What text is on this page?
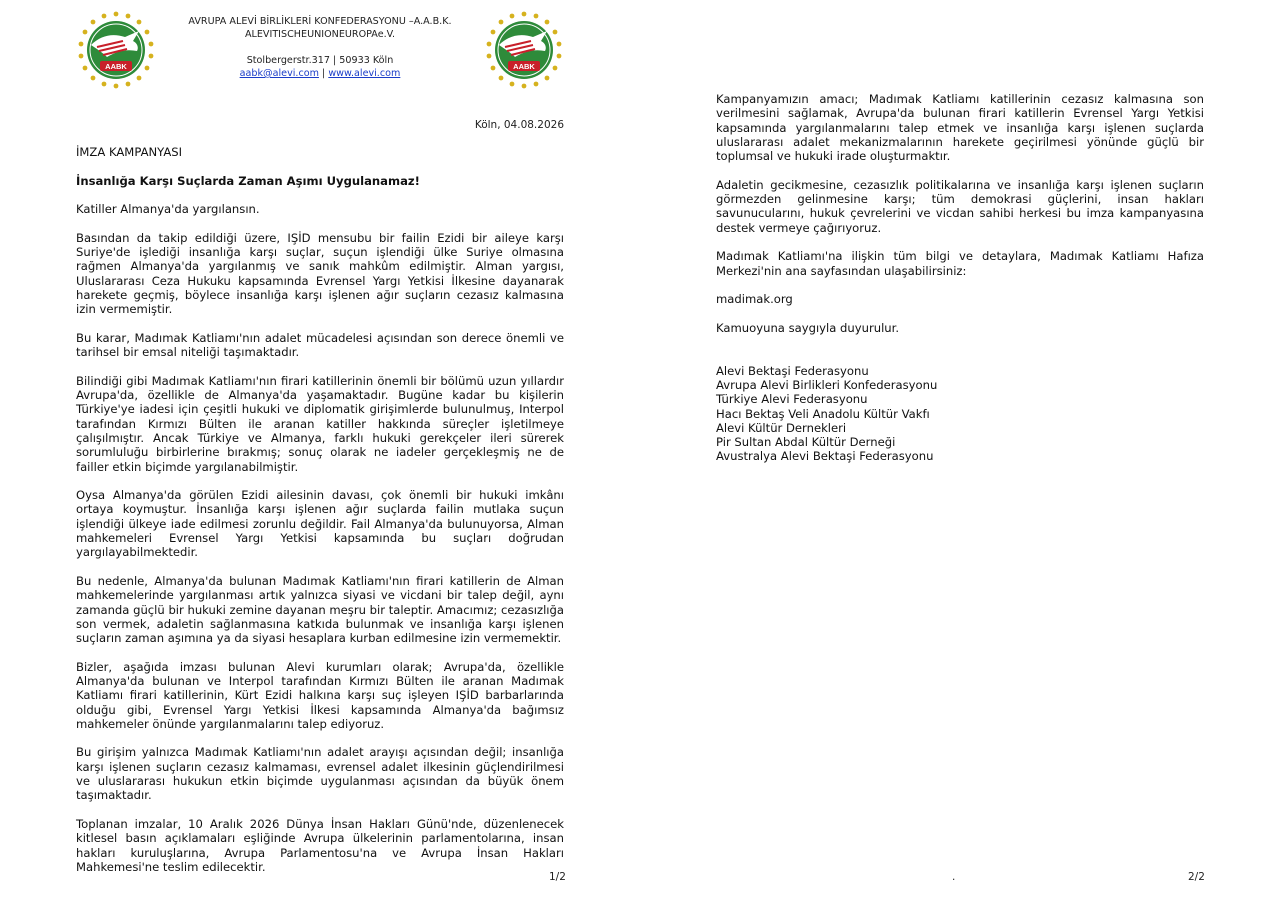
AABK
AVRUPA ALEVİ BİRLİKLERİ KONFEDERASYONU –A.A.B.K.
ALEVITISCHEUNIONEUROPAe.V.
Stolbergerstr.317 | 50933 Köln
aabk@alevi.com | www.alevi.com
AABK
Köln, 04.08.2026
İMZA KAMPANYASI
İnsanlığa Karşı Suçlarda Zaman Aşımı Uygulanamaz!
Katiller Almanya'da yargılansın.
Basından da takip edildiği üzere, IŞİD mensubu bir failin Ezidi bir aileye karşı Suriye'de işlediği insanlığa karşı suçlar, suçun işlendiği ülke Suriye olmasına rağmen Almanya'da yargılanmış ve sanık mahkûm edilmiştir. Alman yargısı, Uluslararası Ceza Hukuku kapsamında Evrensel Yargı Yetkisi İlkesine dayanarak harekete geçmiş, böylece insanlığa karşı işlenen ağır suçların cezasız kalmasına izin vermemiştir.
Bu karar, Madımak Katliamı'nın adalet mücadelesi açısından son derece önemli ve tarihsel bir emsal niteliği taşımaktadır.
Bilindiği gibi Madımak Katliamı'nın firari katillerinin önemli bir bölümü uzun yıllardır Avrupa'da, özellikle de Almanya'da yaşamaktadır. Bugüne kadar bu kişilerin Türkiye'ye iadesi için çeşitli hukuki ve diplomatik girişimlerde bulunulmuş, Interpol tarafından Kırmızı Bülten ile aranan katiller hakkında süreçler işletilmeye çalışılmıştır. Ancak Türkiye ve Almanya, farklı hukuki gerekçeler ileri sürerek sorumluluğu birbirlerine bırakmış; sonuç olarak ne iadeler gerçekleşmiş ne de failler etkin biçimde yargılanabilmiştir.
Oysa Almanya'da görülen Ezidi ailesinin davası, çok önemli bir hukuki imkânı ortaya koymuştur. İnsanlığa karşı işlenen ağır suçlarda failin mutlaka suçun işlendiği ülkeye iade edilmesi zorunlu değildir. Fail Almanya'da bulunuyorsa, Alman mahkemeleri Evrensel Yargı Yetkisi kapsamında bu suçları doğrudan yargılayabilmektedir.
Bu nedenle, Almanya'da bulunan Madımak Katliamı'nın firari katillerin de Alman mahkemelerinde yargılanması artık yalnızca siyasi ve vicdani bir talep değil, aynı zamanda güçlü bir hukuki zemine dayanan meşru bir taleptir. Amacımız; cezasızlığa son vermek, adaletin sağlanmasına katkıda bulunmak ve insanlığa karşı işlenen suçların zaman aşımına ya da siyasi hesaplara kurban edilmesine izin vermemektir.
Bizler, aşağıda imzası bulunan Alevi kurumları olarak; Avrupa'da, özellikle Almanya'da bulunan ve Interpol tarafından Kırmızı Bülten ile aranan Madımak Katliamı firari katillerinin, Kürt Ezidi halkına karşı suç işleyen IŞİD barbarlarında olduğu gibi, Evrensel Yargı Yetkisi İlkesi kapsamında Almanya'da bağımsız mahkemeler önünde yargılanmalarını talep ediyoruz.
Bu girişim yalnızca Madımak Katliamı'nın adalet arayışı açısından değil; insanlığa karşı işlenen suçların cezasız kalmaması, evrensel adalet ilkesinin güçlendirilmesi ve uluslararası hukukun etkin biçimde uygulanması açısından da büyük önem taşımaktadır.
Toplanan imzalar, 10 Aralık 2026 Dünya İnsan Hakları Günü'nde, düzenlenecek kitlesel basın açıklamaları eşliğinde Avrupa ülkelerinin parlamentolarına, insan hakları kuruluşlarına, Avrupa Parlamentosu'na ve Avrupa İnsan Hakları Mahkemesi'ne teslim edilecektir.
1/2
Kampanyamızın amacı; Madımak Katliamı katillerinin cezasız kalmasına son verilmesini sağlamak, Avrupa'da bulunan firari katillerin Evrensel Yargı Yetkisi kapsamında yargılanmalarını talep etmek ve insanlığa karşı işlenen suçlarda uluslararası adalet mekanizmalarının harekete geçirilmesi yönünde güçlü bir toplumsal ve hukuki irade oluşturmaktır.
Adaletin gecikmesine, cezasızlık politikalarına ve insanlığa karşı işlenen suçların görmezden gelinmesine karşı; tüm demokrasi güçlerini, insan hakları savunucularını, hukuk çevrelerini ve vicdan sahibi herkesi bu imza kampanyasına destek vermeye çağırıyoruz.
Madımak Katliamı'na ilişkin tüm bilgi ve detaylara, Madımak Katliamı Hafıza Merkezi'nin ana sayfasından ulaşabilirsiniz:
madimak.org
Kamuoyuna saygıyla duyurulur.
Alevi Bektaşi Federasyonu
Avrupa Alevi Birlikleri Konfederasyonu
Türkiye Alevi Federasyonu
Hacı Bektaş Veli Anadolu Kültür Vakfı
Alevi Kültür Dernekleri
Pir Sultan Abdal Kültür Derneği
Avustralya Alevi Bektaşi Federasyonu
.	2/2
